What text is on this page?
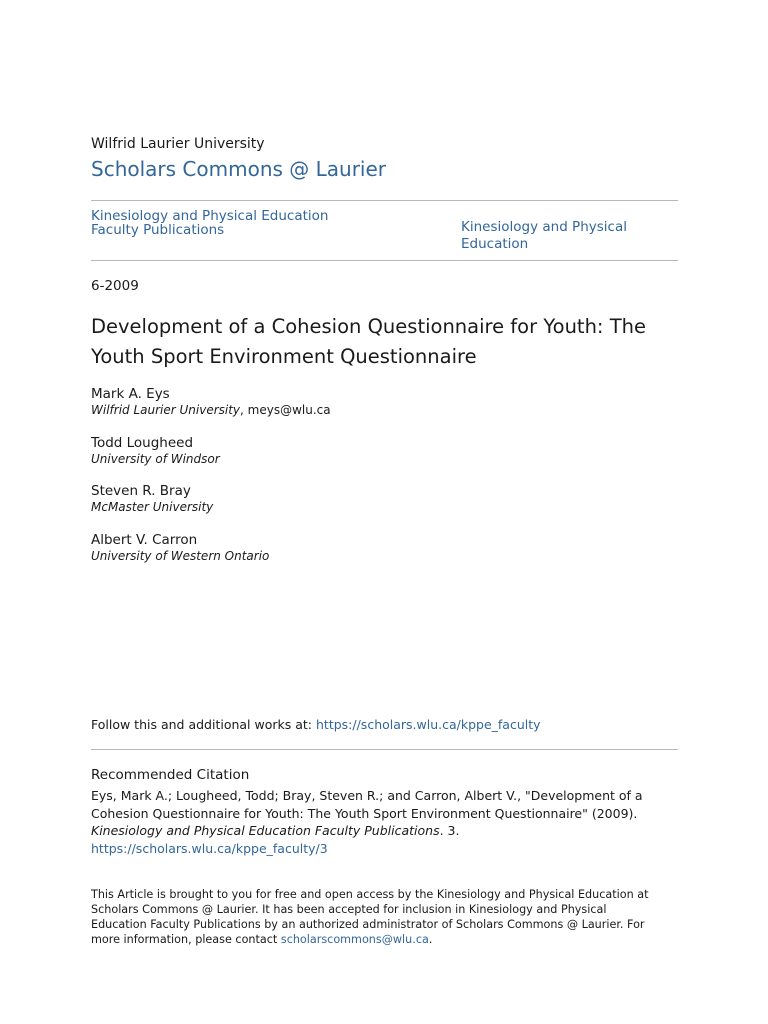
Wilfrid Laurier University
Scholars Commons @ Laurier
Kinesiology and Physical Education
Faculty Publications	Kinesiology and Physical
Education
6-2009
Development of a Cohesion Questionnaire for Youth: The
Youth Sport Environment Questionnaire
Mark A. Eys
Wilfrid Laurier University, meys@wlu.ca
Todd Lougheed
University of Windsor
Steven R. Bray
McMaster University
Albert V. Carron
University of Western Ontario
Follow this and additional works at: https://scholars.wlu.ca/kppe_faculty
Recommended Citation
Eys, Mark A.; Lougheed, Todd; Bray, Steven R.; and Carron, Albert V., "Development of a
Cohesion Questionnaire for Youth: The Youth Sport Environment Questionnaire" (2009).
Kinesiology and Physical Education Faculty Publications. 3.
https://scholars.wlu.ca/kppe_faculty/3
This Article is brought to you for free and open access by the Kinesiology and Physical Education at
Scholars Commons @ Laurier. It has been accepted for inclusion in Kinesiology and Physical
Education Faculty Publications by an authorized administrator of Scholars Commons @ Laurier. For
more information, please contact scholarscommons@wlu.ca.
